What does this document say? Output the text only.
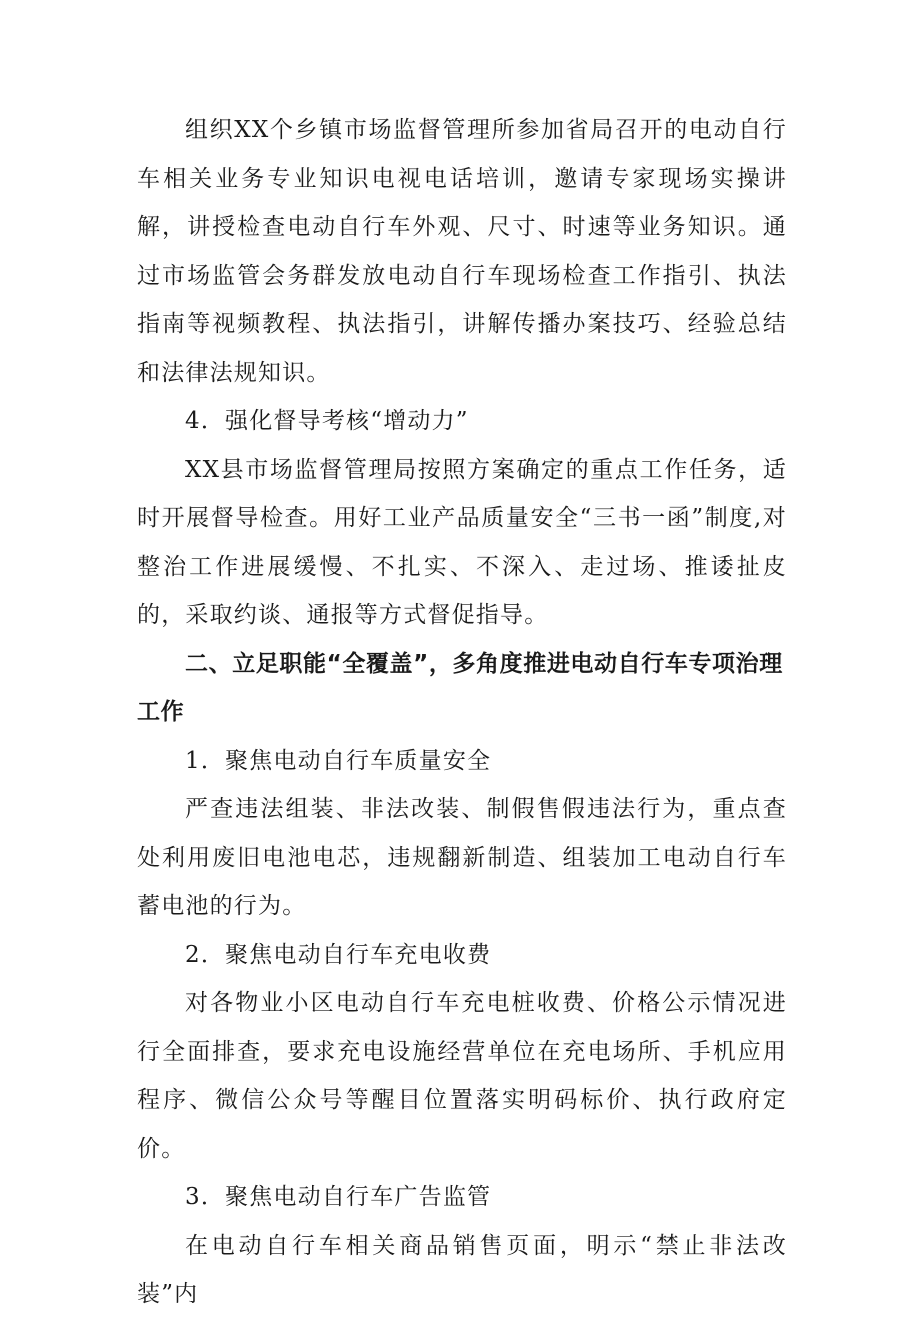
组织XX个乡镇市场监督管理所参加省局召开的电动自行车相关业务专业知识电视电话培训，邀请专家现场实操讲解，讲授检查电动自行车外观、尺寸、时速等业务知识。通过市场监管会务群发放电动自行车现场检查工作指引、执法指南等视频教程、执法指引，讲解传播办案技巧、经验总结和法律法规知识。

4．强化督导考核“增动力”

XX县市场监督管理局按照方案确定的重点工作任务，适时开展督导检查。用好工业产品质量安全“三书一函”制度,对整治工作进展缓慢、不扎实、不深入、走过场、推诿扯皮的，采取约谈、通报等方式督促指导。

二、立足职能“全覆盖”，多角度推进电动自行车专项治理工作

1．聚焦电动自行车质量安全

严查违法组装、非法改装、制假售假违法行为，重点查处利用废旧电池电芯，违规翻新制造、组装加工电动自行车蓄电池的行为。

2．聚焦电动自行车充电收费

对各物业小区电动自行车充电桩收费、价格公示情况进行全面排查，要求充电设施经营单位在充电场所、手机应用程序、微信公众号等醒目位置落实明码标价、执行政府定价。

3．聚焦电动自行车广告监管

在电动自行车相关商品销售页面，明示“禁止非法改装”内
